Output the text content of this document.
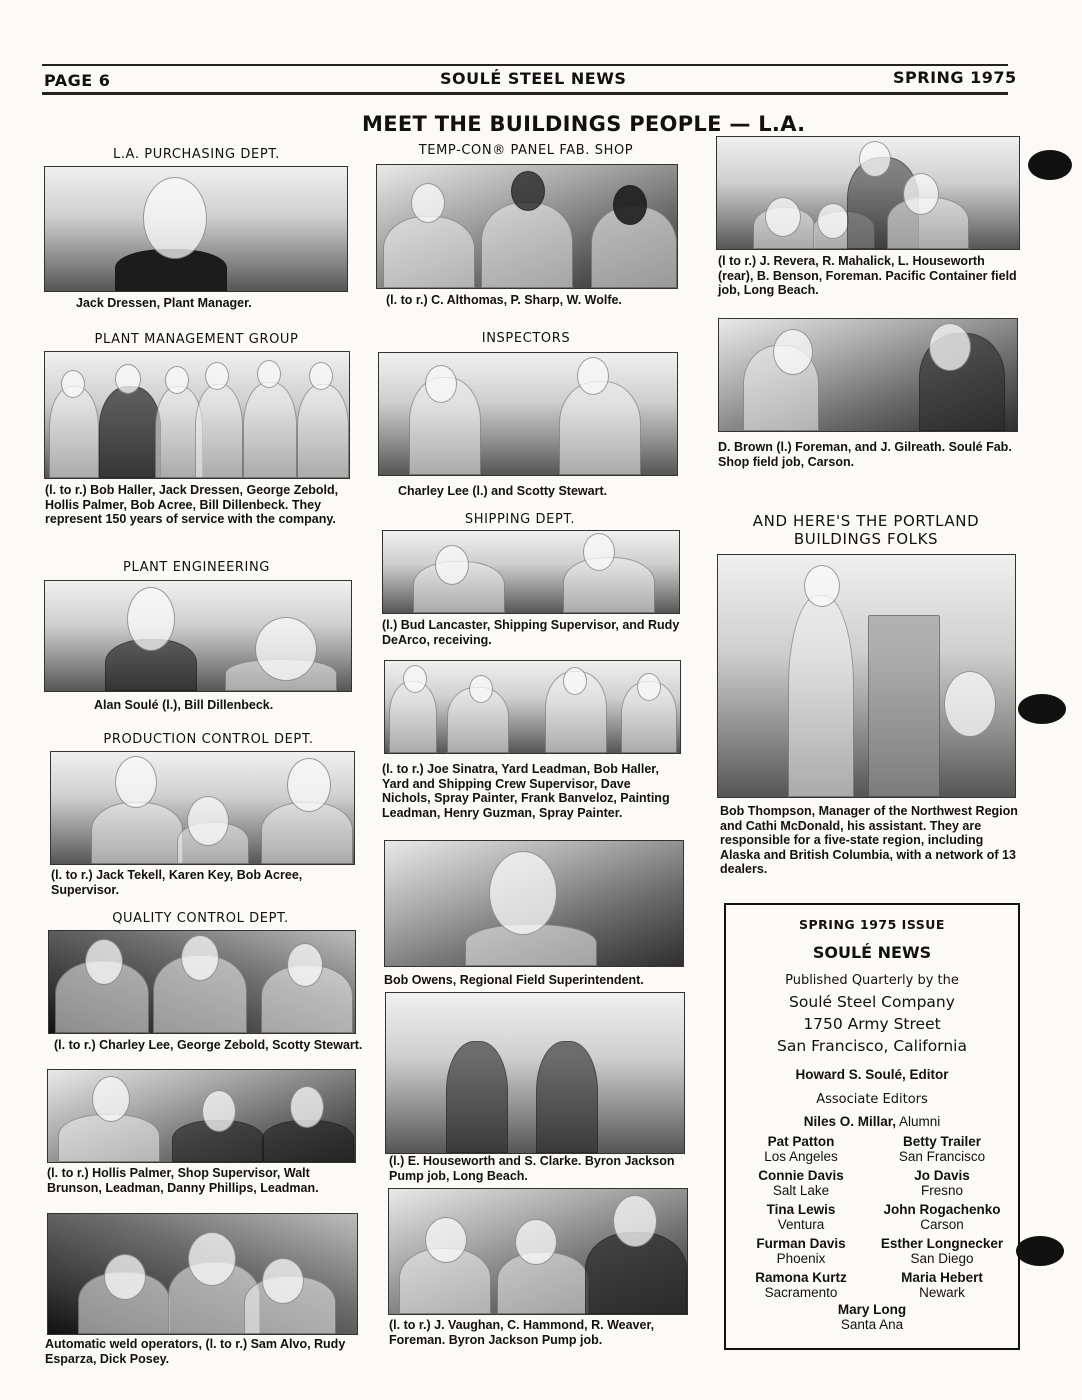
PAGE 6	SOULÉ STEEL NEWS	SPRING 1975
MEET THE BUILDINGS PEOPLE — L.A.
L.A. PURCHASING DEPT.
Jack Dressen, Plant Manager.
PLANT MANAGEMENT GROUP
(l. to r.) Bob Haller, Jack Dressen, George Zebold, Hollis Palmer, Bob Acree, Bill Dillenbeck. They represent 150 years of service with the company.
PLANT ENGINEERING
Alan Soulé (l.), Bill Dillenbeck.
PRODUCTION CONTROL DEPT.
(l. to r.) Jack Tekell, Karen Key, Bob Acree, Supervisor.
QUALITY CONTROL DEPT.
(l. to r.) Charley Lee, George Zebold, Scotty Stewart.
(l. to r.) Hollis Palmer, Shop Supervisor, Walt Brunson, Leadman, Danny Phillips, Leadman.
Automatic weld operators, (l. to r.) Sam Alvo, Rudy Esparza, Dick Posey.
TEMP-CON® PANEL FAB. SHOP
(l. to r.) C. Althomas, P. Sharp, W. Wolfe.
INSPECTORS
Charley Lee (l.) and Scotty Stewart.
SHIPPING DEPT.
(l.) Bud Lancaster, Shipping Supervisor, and Rudy DeArco, receiving.
(l. to r.) Joe Sinatra, Yard Leadman, Bob Haller, Yard and Shipping Crew Supervisor, Dave Nichols, Spray Painter, Frank Banveloz, Painting Leadman, Henry Guzman, Spray Painter.
Bob Owens, Regional Field Superintendent.
(l.) E. Houseworth and S. Clarke. Byron Jackson Pump job, Long Beach.
(l. to r.) J. Vaughan, C. Hammond, R. Weaver, Foreman. Byron Jackson Pump job.
(l to r.) J. Revera, R. Mahalick, L. Houseworth (rear), B. Benson, Foreman. Pacific Container field job, Long Beach.
D. Brown (l.) Foreman, and J. Gilreath. Soulé Fab. Shop field job, Carson.
AND HERE'S THE PORTLAND BUILDINGS FOLKS
Bob Thompson, Manager of the Northwest Region and Cathi McDonald, his assistant. They are responsible for a five-state region, including Alaska and British Columbia, with a network of 13 dealers.
SPRING 1975 ISSUE
SOULÉ NEWS
Published Quarterly by the
Soulé Steel Company
1750 Army Street
San Francisco, California
Howard S. Soulé, Editor
Associate Editors
Niles O. Millar, Alumni
Pat Patton
Los Angeles
Betty Trailer
San Francisco
Connie Davis
Salt Lake
Jo Davis
Fresno
Tina Lewis
Ventura
John Rogachenko
Carson
Furman Davis
Phoenix
Esther Longnecker
San Diego
Ramona Kurtz
Sacramento
Maria Hebert
Newark
Mary Long
Santa Ana
